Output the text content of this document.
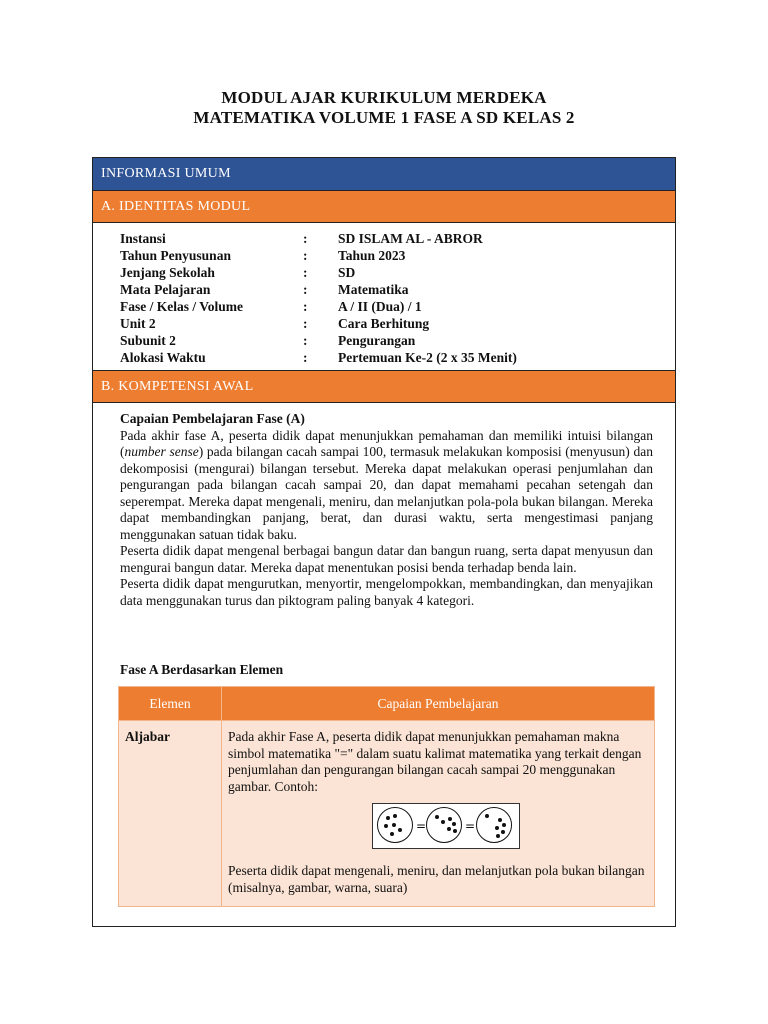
MODUL AJAR KURIKULUM MERDEKA
MATEMATIKA VOLUME 1 FASE A SD KELAS 2
INFORMASI UMUM
A. IDENTITAS MODUL
Instansi	:	SD ISLAM AL - ABROR
Tahun Penyusunan	:	Tahun 2023
Jenjang Sekolah	:	SD
Mata Pelajaran	:	Matematika
Fase / Kelas / Volume	:	A / II (Dua) / 1
Unit 2	:	Cara Berhitung
Subunit 2	:	Pengurangan
Alokasi Waktu	:	Pertemuan Ke-2 (2 x 35 Menit)
B. KOMPETENSI AWAL
Capaian Pembelajaran Fase (A)

Pada akhir fase A, peserta didik dapat menunjukkan pemahaman dan memiliki intuisi bilangan (number sense) pada bilangan cacah sampai 100, termasuk melakukan komposisi (menyusun) dan dekomposisi (mengurai) bilangan tersebut. Mereka dapat melakukan operasi penjumlahan dan pengurangan pada bilangan cacah sampai 20, dan dapat memahami pecahan setengah dan seperempat. Mereka dapat mengenali, meniru, dan melanjutkan pola-pola bukan bilangan. Mereka dapat membandingkan panjang, berat, dan durasi waktu, serta mengestimasi panjang menggunakan satuan tidak baku.

Peserta didik dapat mengenal berbagai bangun datar dan bangun ruang, serta dapat menyusun dan mengurai bangun datar. Mereka dapat menentukan posisi benda terhadap benda lain.

Peserta didik dapat mengurutkan, menyortir, mengelompokkan, membandingkan, dan menyajikan data menggunakan turus dan piktogram paling banyak 4 kategori.

Fase A Berdasarkan Elemen
Elemen	Capaian Pembelajaran
Aljabar	Pada akhir Fase A, peserta didik dapat menunjukkan pemahaman makna simbol matematika "=" dalam suatu kalimat matematika yang terkait dengan penjumlahan dan pengurangan bilangan cacah sampai 20 menggunakan gambar. Contoh:

= =

Peserta didik dapat mengenali, meniru, dan melanjutkan pola bukan bilangan (misalnya, gambar, warna, suara)
